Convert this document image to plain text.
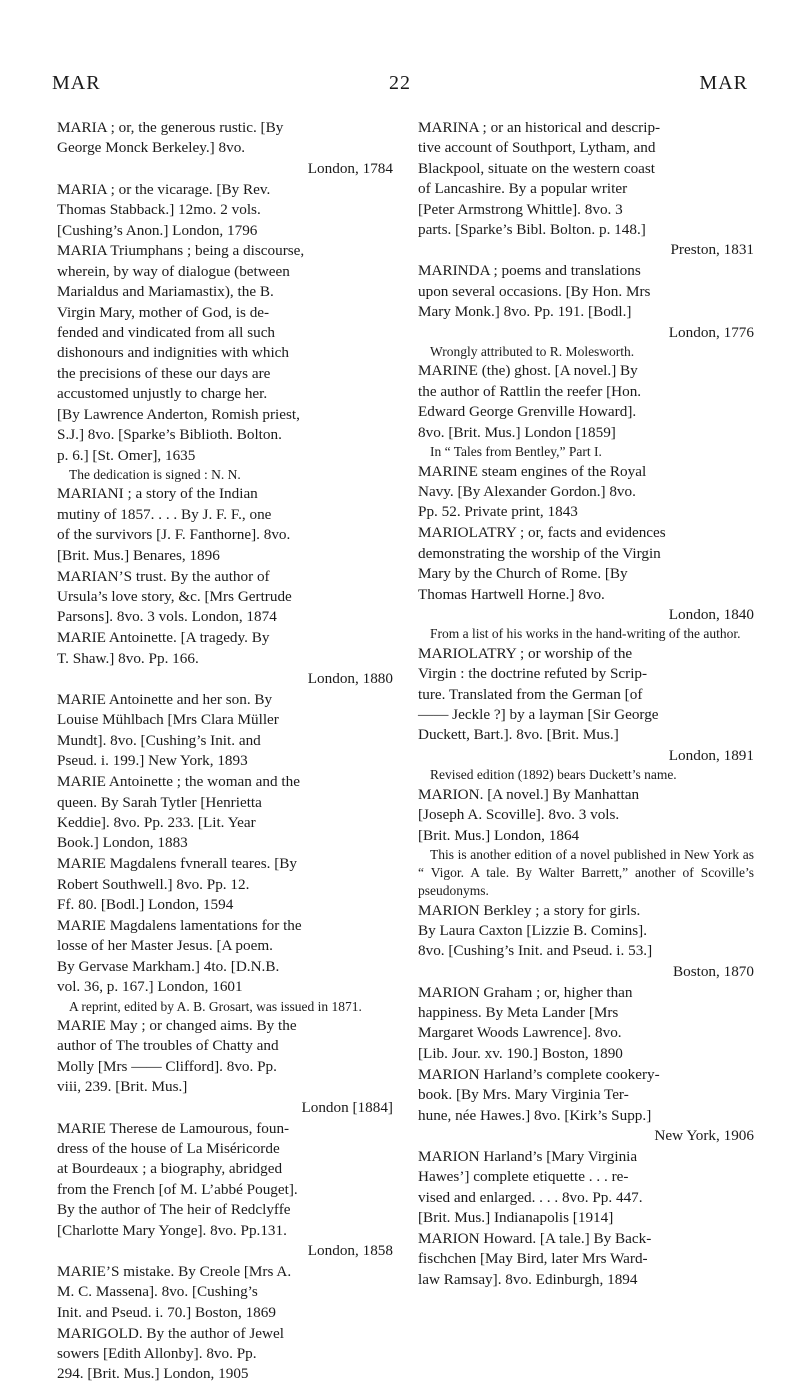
MAR	22	MAR
MARIA ; or, the generous rustic. [By
George Monck Berkeley.] 8vo.
London, 1784
MARIA ; or the vicarage. [By Rev.
Thomas Stabback.] 12mo. 2 vols.
[Cushing’s Anon.] London, 1796
MARIA Triumphans ; being a discourse,
wherein, by way of dialogue (between
Marialdus and Mariamastix), the B.
Virgin Mary, mother of God, is de-
fended and vindicated from all such
dishonours and indignities with which
the precisions of these our days are
accustomed unjustly to charge her.
[By Lawrence Anderton, Romish priest,
S.J.] 8vo. [Sparke’s Biblioth. Bolton.
p. 6.] [St. Omer], 1635
The dedication is signed : N. N.
MARIANI ; a story of the Indian
mutiny of 1857. . . . By J. F. F., one
of the survivors [J. F. Fanthorne]. 8vo.
[Brit. Mus.] Benares, 1896
MARIAN’S trust. By the author of
Ursula’s love story, &c. [Mrs Gertrude
Parsons]. 8vo. 3 vols. London, 1874
MARIE Antoinette. [A tragedy. By
T. Shaw.] 8vo. Pp. 166.
London, 1880
MARIE Antoinette and her son. By
Louise Mühlbach [Mrs Clara Müller
Mundt]. 8vo. [Cushing’s Init. and
Pseud. i. 199.] New York, 1893
MARIE Antoinette ; the woman and the
queen. By Sarah Tytler [Henrietta
Keddie]. 8vo. Pp. 233. [Lit. Year
Book.] London, 1883
MARIE Magdalens fvnerall teares. [By
Robert Southwell.] 8vo. Pp. 12.
Ff. 80. [Bodl.] London, 1594
MARIE Magdalens lamentations for the
losse of her Master Jesus. [A poem.
By Gervase Markham.] 4to. [D.N.B.
vol. 36, p. 167.] London, 1601
A reprint, edited by A. B. Grosart, was issued in 1871.
MARIE May ; or changed aims. By the
author of The troubles of Chatty and
Molly [Mrs —— Clifford]. 8vo. Pp.
viii, 239. [Brit. Mus.]
London [1884]
MARIE Therese de Lamourous, foun-
dress of the house of La Miséricorde
at Bourdeaux ; a biography, abridged
from the French [of M. L’abbé Pouget].
By the author of The heir of Redclyffe
[Charlotte Mary Yonge]. 8vo. Pp.131.
London, 1858
MARIE’S mistake. By Creole [Mrs A.
M. C. Massena]. 8vo. [Cushing’s
Init. and Pseud. i. 70.] Boston, 1869
MARIGOLD. By the author of Jewel
sowers [Edith Allonby]. 8vo. Pp.
294. [Brit. Mus.] London, 1905
MARINA ; or an historical and descrip-
tive account of Southport, Lytham, and
Blackpool, situate on the western coast
of Lancashire. By a popular writer
[Peter Armstrong Whittle]. 8vo. 3
parts. [Sparke’s Bibl. Bolton. p. 148.]
Preston, 1831
MARINDA ; poems and translations
upon several occasions. [By Hon. Mrs
Mary Monk.] 8vo. Pp. 191. [Bodl.]
London, 1776
Wrongly attributed to R. Molesworth.
MARINE (the) ghost. [A novel.] By
the author of Rattlin the reefer [Hon.
Edward George Grenville Howard].
8vo. [Brit. Mus.] London [1859]
In “ Tales from Bentley,” Part I.
MARINE steam engines of the Royal
Navy. [By Alexander Gordon.] 8vo.
Pp. 52. Private print, 1843
MARIOLATRY ; or, facts and evidences
demonstrating the worship of the Virgin
Mary by the Church of Rome. [By
Thomas Hartwell Horne.] 8vo.
London, 1840
From a list of his works in the hand-writing of the author.
MARIOLATRY ; or worship of the
Virgin : the doctrine refuted by Scrip-
ture. Translated from the German [of
—— Jeckle ?] by a layman [Sir George
Duckett, Bart.]. 8vo. [Brit. Mus.]
London, 1891
Revised edition (1892) bears Duckett’s name.
MARION. [A novel.] By Manhattan
[Joseph A. Scoville]. 8vo. 3 vols.
[Brit. Mus.] London, 1864
This is another edition of a novel published in New York as “ Vigor. A tale. By Walter Barrett,” another of Scoville’s pseudonyms.
MARION Berkley ; a story for girls.
By Laura Caxton [Lizzie B. Comins].
8vo. [Cushing’s Init. and Pseud. i. 53.]
Boston, 1870
MARION Graham ; or, higher than
happiness. By Meta Lander [Mrs
Margaret Woods Lawrence]. 8vo.
[Lib. Jour. xv. 190.] Boston, 1890
MARION Harland’s complete cookery-
book. [By Mrs. Mary Virginia Ter-
hune, née Hawes.] 8vo. [Kirk’s Supp.]
New York, 1906
MARION Harland’s [Mary Virginia
Hawes’] complete etiquette . . . re-
vised and enlarged. . . . 8vo. Pp. 447.
[Brit. Mus.] Indianapolis [1914]
MARION Howard. [A tale.] By Back-
fischchen [May Bird, later Mrs Ward-
law Ramsay]. 8vo. Edinburgh, 1894
